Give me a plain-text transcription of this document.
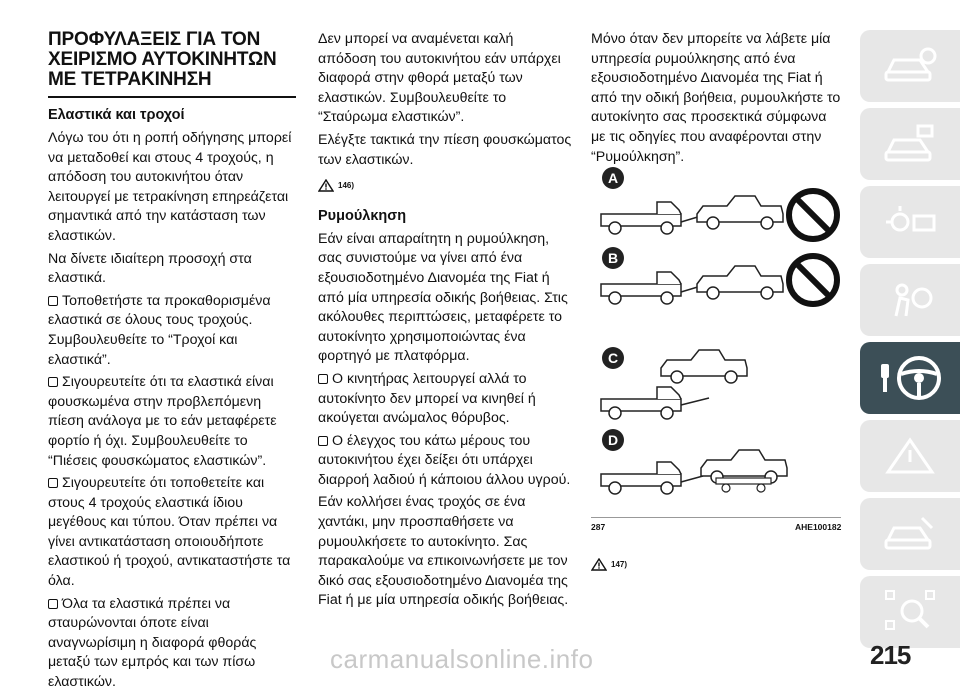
ΠΡΟΦΥΛΑΞΕΙΣ ΓΙΑ ΤΟΝ
ΧΕΙΡΙΣΜΟ ΑΥΤΟΚΙΝΗΤΩΝ
ΜΕ ΤΕΤΡΑΚΙΝΗΣΗ
Ελαστικά και τροχοί

Λόγω του ότι η ροπή οδήγησης μπορεί να μεταδοθεί και στους 4 τροχούς, η απόδοση του αυτοκινήτου όταν λειτουργεί με τετρακίνηση επηρεάζεται σημαντικά από την κατάσταση των ελαστικών.

Να δίνετε ιδιαίτερη προσοχή στα ελαστικά.

Τοποθετήστε τα προκαθορισμένα ελαστικά σε όλους τους τροχούς. Συμβουλευθείτε το “Τροχοί και ελαστικά”.

Σιγουρευτείτε ότι τα ελαστικά είναι φουσκωμένα στην προβλεπόμενη πίεση ανάλογα με το εάν μεταφέρετε φορτίο ή όχι. Συμβουλευθείτε το “Πιέσεις φουσκώματος ελαστικών”.

Σιγουρευτείτε ότι τοποθετείτε και στους 4 τροχούς ελαστικά ίδιου μεγέθους και τύπου. Όταν πρέπει να γίνει αντικατάσταση οποιουδήποτε ελαστικού ή τροχού, αντικαταστήστε τα όλα.

Όλα τα ελαστικά πρέπει να σταυρώνονται όποτε είναι αναγνωρίσιμη η διαφορά φθοράς μεταξύ των εμπρός και των πίσω ελαστικών.

Δεν μπορεί να αναμένεται καλή απόδοση του αυτοκινήτου εάν υπάρχει διαφορά στην φθορά μεταξύ των ελαστικών. Συμβουλευθείτε το “Σταύρωμα ελαστικών”.

Ελέγξτε τακτικά την πίεση φουσκώματος των ελαστικών.

146)
Ρυμούλκηση

Εάν είναι απαραίτητη η ρυμούλκηση, σας συνιστούμε να γίνει από ένα εξουσιοδοτημένο Διανομέα της Fiat ή από μία υπηρεσία οδικής βοήθειας. Στις ακόλουθες περιπτώσεις, μεταφέρετε το αυτοκίνητο χρησιμοποιώντας ένα φορτηγό με πλατφόρμα.

Ο κινητήρας λειτουργεί αλλά το αυτοκίνητο δεν μπορεί να κινηθεί ή ακούγεται ανώμαλος θόρυβος.

Ο έλεγχος του κάτω μέρους του αυτοκινήτου έχει δείξει ότι υπάρχει διαρροή λαδιού ή κάποιου άλλου υγρού.

Εάν κολλήσει ένας τροχός σε ένα χαντάκι, μην προσπαθήσετε να ρυμουλκήσετε το αυτοκίνητο. Σας παρακαλούμε να επικοινωνήσετε με τον δικό σας εξουσιοδοτημένο Διανομέα της Fiat ή με μία υπηρεσία οδικής βοήθειας.

Μόνο όταν δεν μπορείτε να λάβετε μία υπηρεσία ρυμούλκησης από ένα εξουσιοδοτημένο Διανομέα της Fiat ή από την οδική βοήθεια, ρυμουλκήστε το αυτοκίνητο σας προσεκτικά σύμφωνα με τις οδηγίες που αναφέρονται στην “Ρυμούλκηση”.

A
B
C
D
287	AHE100182
147)
carmanualsonline.info	215
